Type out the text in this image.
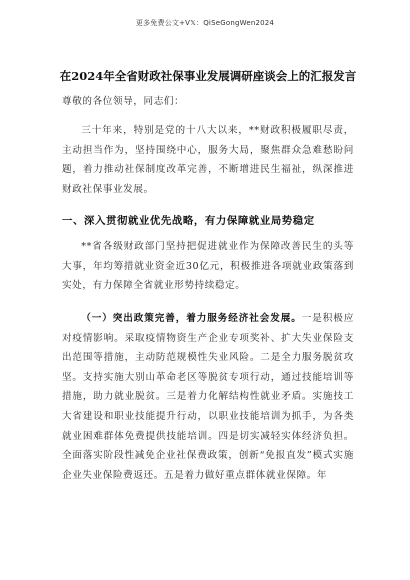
更多免费公文+V𝕏：QiSeGongWen2024
在2024年全省财政社保事业发展调研座谈会上的汇报发言
尊敬的各位领导，同志们：
三十年来，特别是党的十八大以来，**财政积极履职尽责，主动担当作为，坚持围绕中心，服务大局，聚焦群众急难愁盼问题，着力推动社保制度改革完善，不断增进民生福祉，纵深推进财政社保事业发展。
一、深入贯彻就业优先战略，有力保障就业局势稳定
**省各级财政部门坚持把促进就业作为保障改善民生的头等大事，年均筹措就业资金近30亿元，积极推进各项就业政策落到实处，有力保障全省就业形势持续稳定。
（一）突出政策完善，着力服务经济社会发展。一是积极应对疫情影响。采取疫情物资生产企业专项奖补、扩大失业保险支出范围等措施，主动防范规模性失业风险。二是全力服务脱贫攻坚。支持实施大别山革命老区等脱贫专项行动，通过技能培训等措施，助力就业脱贫。三是着力化解结构性就业矛盾。实施技工大省建设和职业技能提升行动，以职业技能培训为抓手，为各类就业困难群体免费提供技能培训。四是切实减轻实体经济负担。全面落实阶段性减免企业社保费政策，创新“免报直发”模式实施企业失业保险费返还。五是着力做好重点群体就业保障。年
